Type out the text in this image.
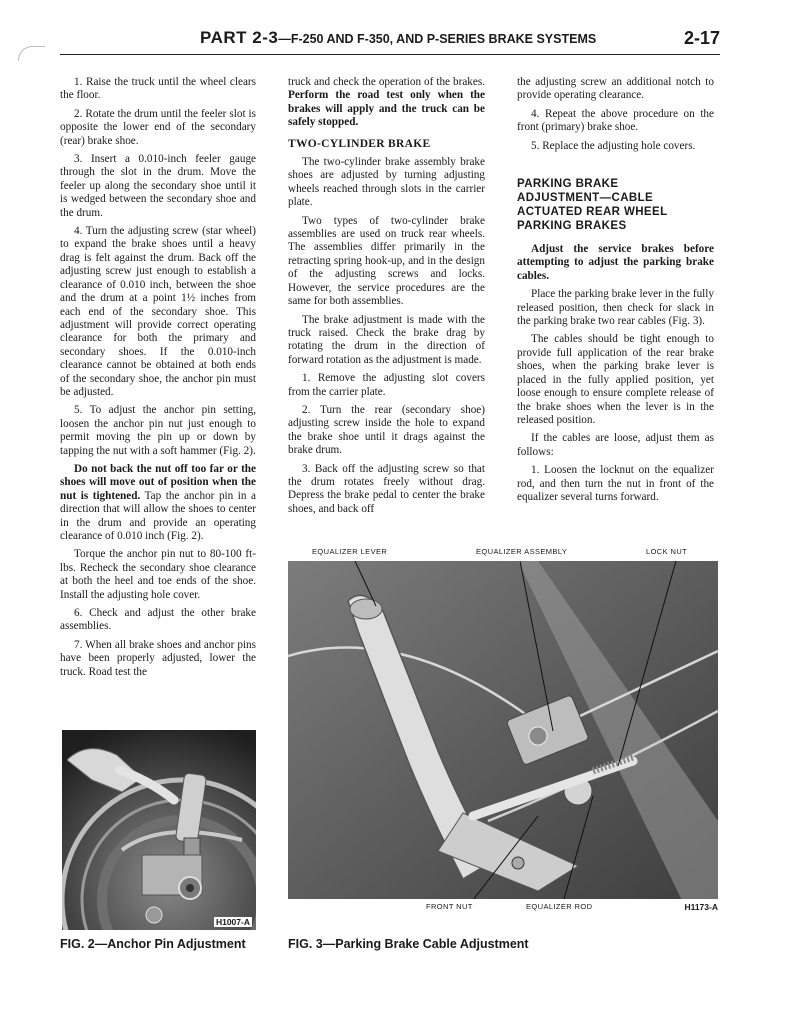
PART 2-3—F-250 AND F-350, AND P-SERIES BRAKE SYSTEMS	2-17

1. Raise the truck until the wheel clears the floor.

2. Rotate the drum until the feeler slot is opposite the lower end of the secondary (rear) brake shoe.

3. Insert a 0.010-inch feeler gauge through the slot in the drum. Move the feeler up along the secondary shoe until it is wedged between the secondary shoe and the drum.

4. Turn the adjusting screw (star wheel) to expand the brake shoes until a heavy drag is felt against the drum. Back off the adjusting screw just enough to establish a clearance of 0.010 inch, between the shoe and the drum at a point 1½ inches from each end of the secondary shoe. This adjustment will provide correct operating clearance for both the primary and secondary shoes. If the 0.010-inch clearance cannot be obtained at both ends of the secondary shoe, the anchor pin must be adjusted.

5. To adjust the anchor pin setting, loosen the anchor pin nut just enough to permit moving the pin up or down by tapping the nut with a soft hammer (Fig. 2).

Do not back the nut off too far or the shoes will move out of position when the nut is tightened. Tap the anchor pin in a direction that will allow the shoes to center in the drum and provide an operating clearance of 0.010 inch (Fig. 2).

Torque the anchor pin nut to 80-100 ft-lbs. Recheck the secondary shoe clearance at both the heel and toe ends of the shoe. Install the adjusting hole cover.

6. Check and adjust the other brake assemblies.

7. When all brake shoes and anchor pins have been properly adjusted, lower the truck. Road test the

truck and check the operation of the brakes. Perform the road test only when the brakes will apply and the truck can be safely stopped.

TWO-CYLINDER BRAKE

The two-cylinder brake assembly brake shoes are adjusted by turning adjusting wheels reached through slots in the carrier plate.

Two types of two-cylinder brake assemblies are used on truck rear wheels. The assemblies differ primarily in the retracting spring hook-up, and in the design of the adjusting screws and locks. However, the service procedures are the same for both assemblies.

The brake adjustment is made with the truck raised. Check the brake drag by rotating the drum in the direction of forward rotation as the adjustment is made.

1. Remove the adjusting slot covers from the carrier plate.

2. Turn the rear (secondary shoe) adjusting screw inside the hole to expand the brake shoe until it drags against the brake drum.

3. Back off the adjusting screw so that the drum rotates freely without drag. Depress the brake pedal to center the brake shoes, and back off

the adjusting screw an additional notch to provide operating clearance.

4. Repeat the above procedure on the front (primary) brake shoe.

5. Replace the adjusting hole covers.

PARKING BRAKE
ADJUSTMENT—CABLE
ACTUATED REAR WHEEL
PARKING BRAKES

Adjust the service brakes before attempting to adjust the parking brake cables.

Place the parking brake lever in the fully released position, then check for slack in the parking brake two rear cables (Fig. 3).

The cables should be tight enough to provide full application of the rear brake shoes, when the parking brake lever is placed in the fully applied position, yet loose enough to ensure complete release of the brake shoes when the lever is in the released position.

If the cables are loose, adjust them as follows:

1. Loosen the locknut on the equalizer rod, and then turn the nut in front of the equalizer several turns forward.

H1007-A
FIG. 2—Anchor Pin Adjustment
EQUALIZER LEVER	EQUALIZER ASSEMBLY	LOCK NUT
FRONT NUT	EQUALIZER ROD	H1173-A
FIG. 3—Parking Brake Cable Adjustment
